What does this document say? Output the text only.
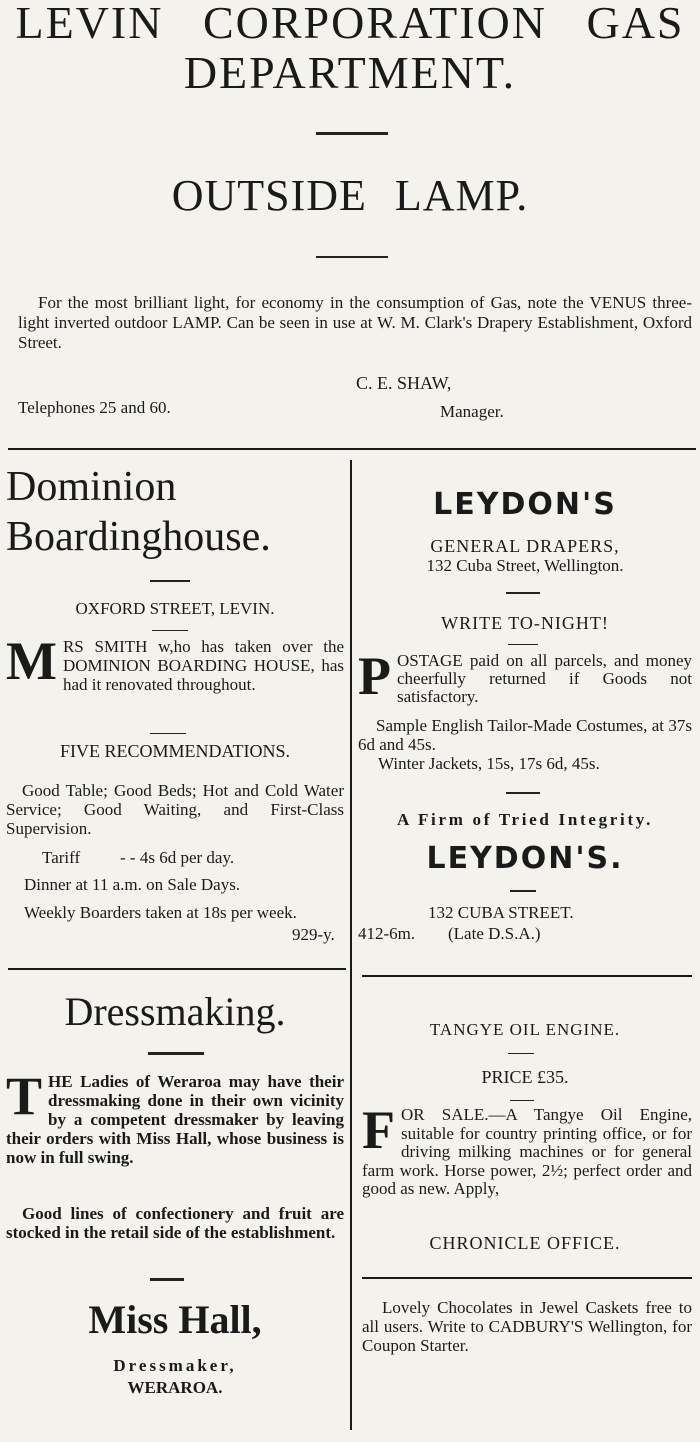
LEVIN CORPORATION GAS
DEPARTMENT.
OUTSIDE LAMP.
For the most brilliant light, for economy in the consumption of Gas, note the VENUS three-light inverted outdoor LAMP. Can be seen in use at W. M. Clark's Drapery Establishment, Oxford Street.
C. E. SHAW,
Telephones 25 and 60.	Manager.
Dominion
Boardinghouse.
OXFORD STREET, LEVIN.
MRS SMITH w,ho has taken over the DOMINION BOARDING HOUSE, has had it renovated throughout.
FIVE RECOMMENDATIONS.
Good Table; Good Beds; Hot and Cold Water Service; Good Waiting, and First-Class Supervision.
Tariff - - 4s 6d per day.
Dinner at 11 a.m. on Sale Days.
Weekly Boarders taken at 18s per week.
929-y.
Dressmaking.
THE Ladies of Weraroa may have their dressmaking done in their own vicinity by a competent dressmaker by leaving their orders with Miss Hall, whose business is now in full swing.
Good lines of confectionery and fruit are stocked in the retail side of the establishment.
Miss Hall,
Dressmaker,
WERAROA.
LEYDON'S
GENERAL DRAPERS,
132 Cuba Street, Wellington.
WRITE TO-NIGHT!
POSTAGE paid on all parcels, and money cheerfully returned if Goods not satisfactory.
Sample English Tailor-Made Costumes, at 37s 6d and 45s.
Winter Jackets, 15s, 17s 6d, 45s.
A Firm of Tried Integrity.
LEYDON'S.
132 CUBA STREET.
412-6m. (Late D.S.A.)
TANGYE OIL ENGINE.
PRICE £35.
FOR SALE.—A Tangye Oil Engine, suitable for country printing office, or for driving milking machines or for general farm work. Horse power, 2½; perfect order and good as new. Apply,
CHRONICLE OFFICE.
Lovely Chocolates in Jewel Caskets free to all users. Write to CADBURY'S Wellington, for Coupon Starter.
